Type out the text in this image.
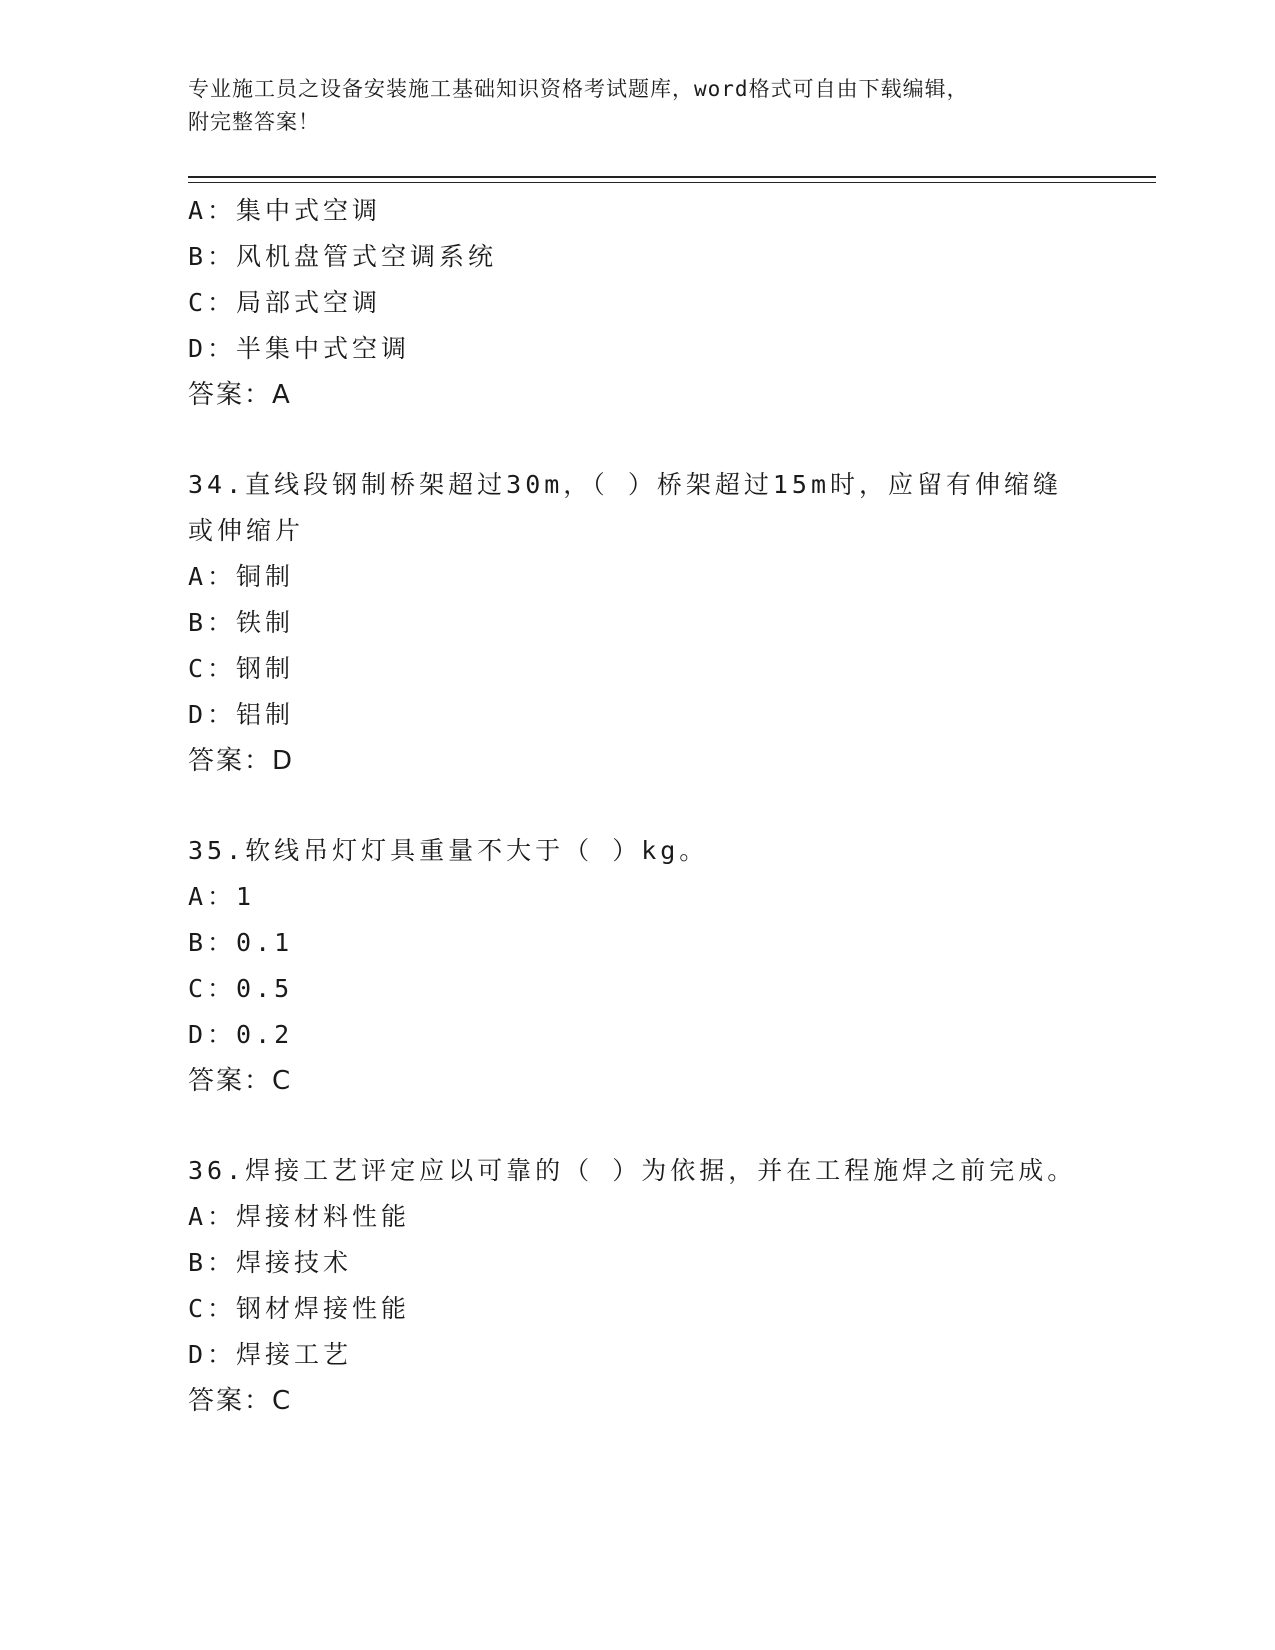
专业施工员之设备安装施工基础知识资格考试题库，word格式可自由下载编辑，
附完整答案！
A：集中式空调
B：风机盘管式空调系统
C：局部式空调
D：半集中式空调
答案：A
34.直线段钢制桥架超过30m，（ ）桥架超过15m时，应留有伸缩缝或伸缩片
A：铜制
B：铁制
C：钢制
D：铝制
答案：D
35.软线吊灯灯具重量不大于（ ）kg。
A：1
B：0.1
C：0.5
D：0.2
答案：C
36.焊接工艺评定应以可靠的（ ）为依据，并在工程施焊之前完成。
A：焊接材料性能
B：焊接技术
C：钢材焊接性能
D：焊接工艺
答案：C
